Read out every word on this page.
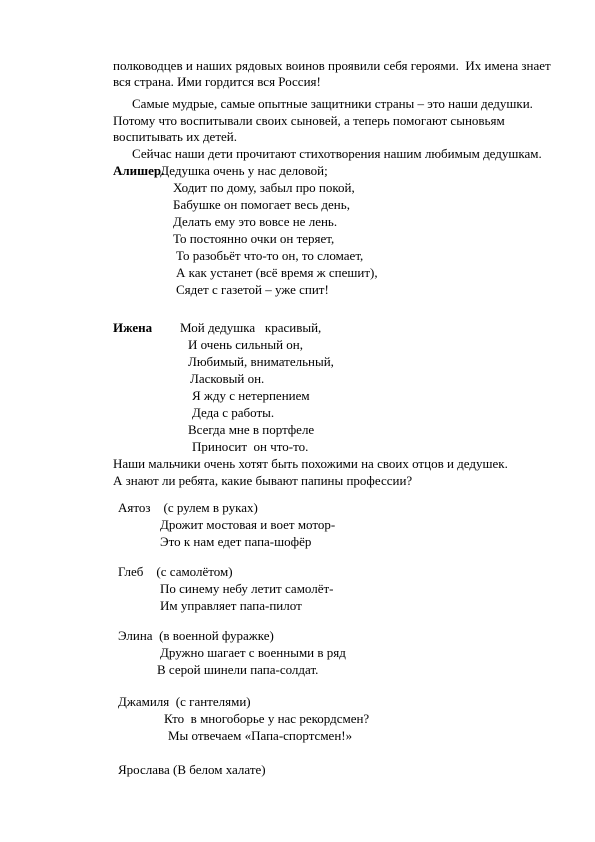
полководцев и наших рядовых воинов проявили себя героями.  Их имена знает
вся страна. Ими гордится вся Россия!
Самые мудрые, самые опытные защитники страны – это наши дедушки.
Потому что воспитывали своих сыновей, а теперь помогают сыновьям
воспитывать их детей.
Сейчас наши дети прочитают стихотворения нашим любимым дедушкам.
Алишер.
Дедушка очень у нас деловой;
Ходит по дому, забыл про покой,
Бабушке он помогает весь день,
Делать ему это вовсе не лень.
То постоянно очки он теряет,
То разобьёт что-то он, то сломает,
А как устанет (всё время ж спешит),
Сядет с газетой – уже спит!
Ижена Мой дедушка   красивый,
И очень сильный он,
Любимый, внимательный,
Ласковый он.
Я жду с нетерпением
Деда с работы.
Всегда мне в портфеле
Приносит  он что-то.
Наши мальчики очень хотят быть похожими на своих отцов и дедушек.
А знают ли ребята, какие бывают папины профессии?
Аятоз    (с рулем в руках)
Дрожит мостовая и воет мотор-
Это к нам едет папа-шофёр
Глеб    (с самолётом)
По синему небу летит самолёт-
Им управляет папа-пилот
Элина  (в военной фуражке)
Дружно шагает с военными в ряд
В серой шинели папа-солдат.
Джамиля  (с гантелями)
Кто  в многоборье у нас рекордсмен?
Мы отвечаем «Папа-спортсмен!»
Ярослава (В белом халате)
